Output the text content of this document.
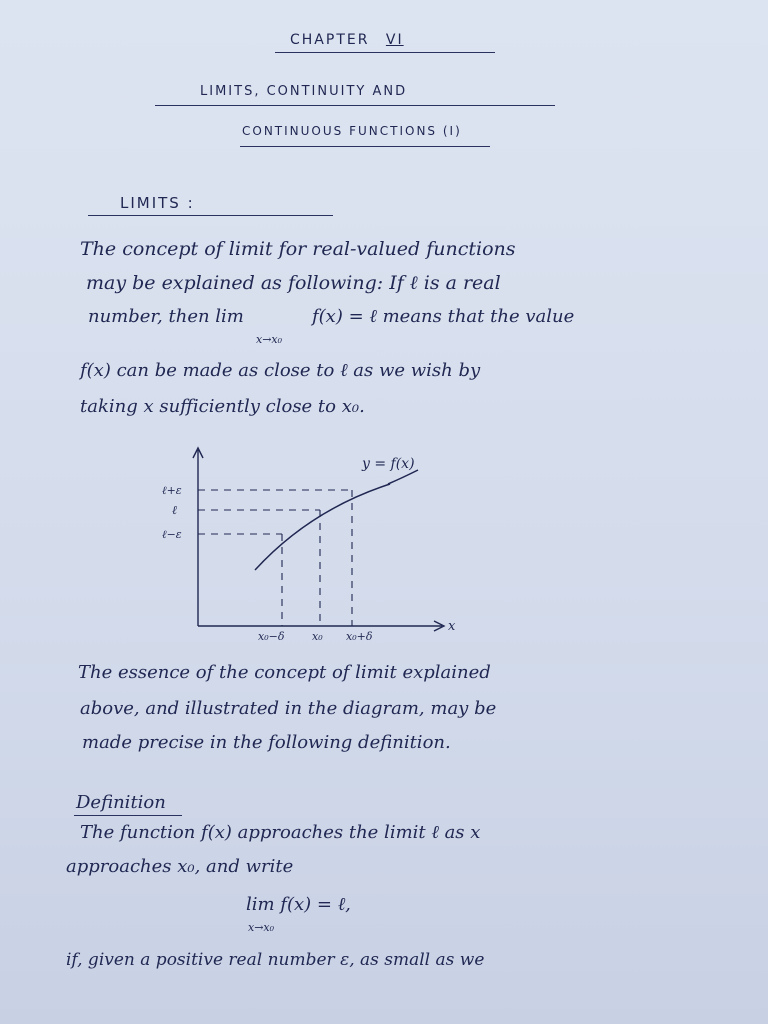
CHAPTER VI
LIMITS, CONTINUITY AND
CONTINUOUS FUNCTIONS (I)
LIMITS :
The concept of limit for real-valued functions
may be explained as following: If ℓ is a real
number, then lim
x→x₀
f(x) = ℓ means that the value
f(x) can be made as close to ℓ as we wish by
taking x sufficiently close to x₀.
y = f(x)
ℓ+ε
ℓ
ℓ−ε
x₀−δ	x₀ x₀+δ
x
The essence of the concept of limit explained
above, and illustrated in the diagram, may be
made precise in the following definition.
Definition
The function f(x) approaches the limit ℓ as x
approaches x₀, and write
lim f(x) = ℓ,
x→x₀
if, given a positive real number ε, as small as we
